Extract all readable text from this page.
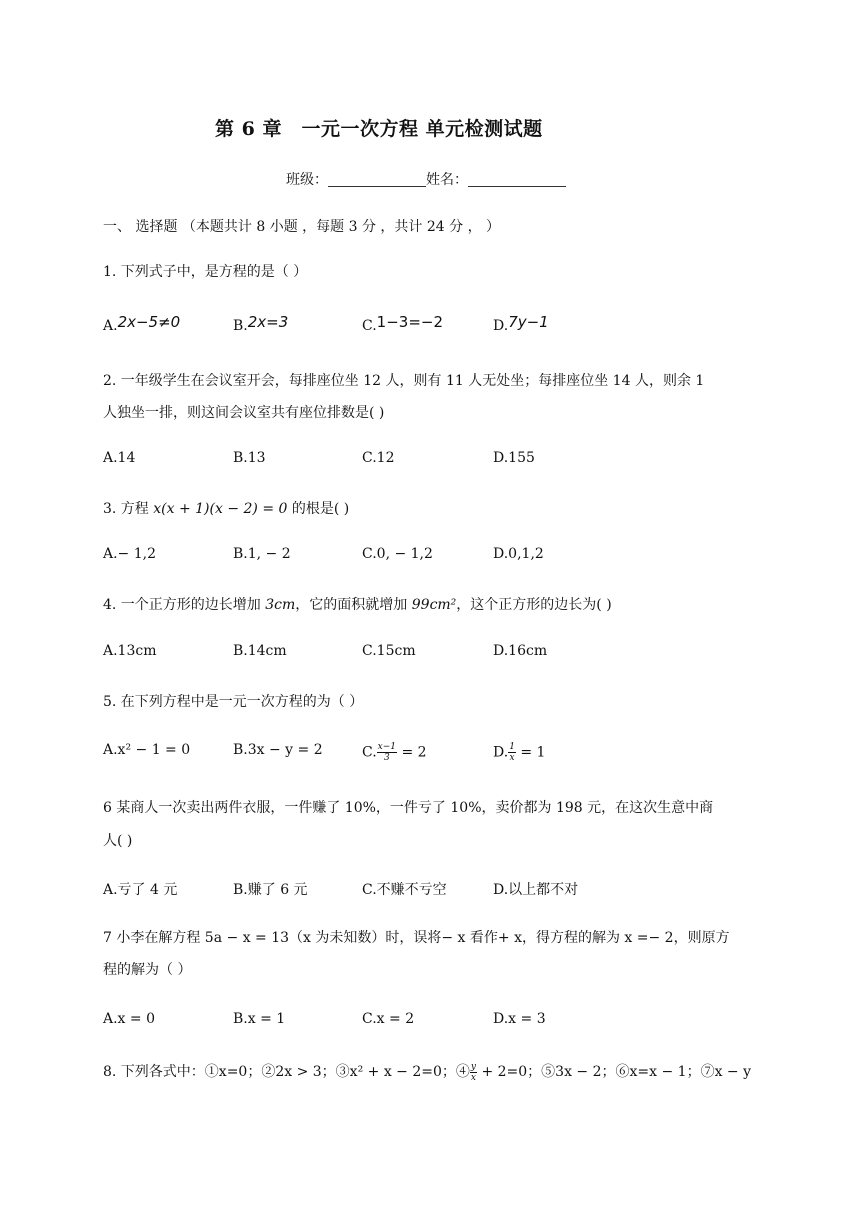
第 6 章　一元一次方程 单元检测试题
班级：	姓名：
一、 选择题 （本题共计 8 小题 ，每题 3 分 ，共计 24 分 ， ）
1. 下列式子中，是方程的是（ ）
A.2x−5≠0	B.2x=3	C.1−3=−2	D.7y−1
2. 一年级学生在会议室开会，每排座位坐 12 人，则有 11 人无处坐；每排座位坐 14 人，则余 1
人独坐一排，则这间会议室共有座位排数是( )
A.14	B.13	C.12	D.155
3. 方程 x(x + 1)(x − 2) = 0 的根是( )
A.− 1,2	B.1, − 2	C.0, − 1,2	D.0,1,2
4. 一个正方形的边长增加 3cm，它的面积就增加 99cm²，这个正方形的边长为( )
A.13cm	B.14cm	C.15cm	D.16cm
5. 在下列方程中是一元一次方程的为（ ）
A.x² − 1 = 0	B.3x − y = 2	C. $\frac{x-1}{3} = 2$	D. $\frac{1}{x} = 1$
6 某商人一次卖出两件衣服，一件赚了 10%，一件亏了 10%，卖价都为 198 元，在这次生意中商
人( )
A.亏了 4 元	B.赚了 6 元	C.不赚不亏空	D.以上都不对
7 小李在解方程 5a − x = 13（x 为未知数）时，误将− x 看作+ x，得方程的解为 x =− 2，则原方
程的解为（ ）
A.x = 0	B.x = 1	C.x = 2	D.x = 3
8. 下列各式中：①x=0；②2x > 3；③x² + x − 2=0；④ $\frac{y}{x} + 2=0$；⑤3x − 2；⑥x=x − 1；⑦x − y
